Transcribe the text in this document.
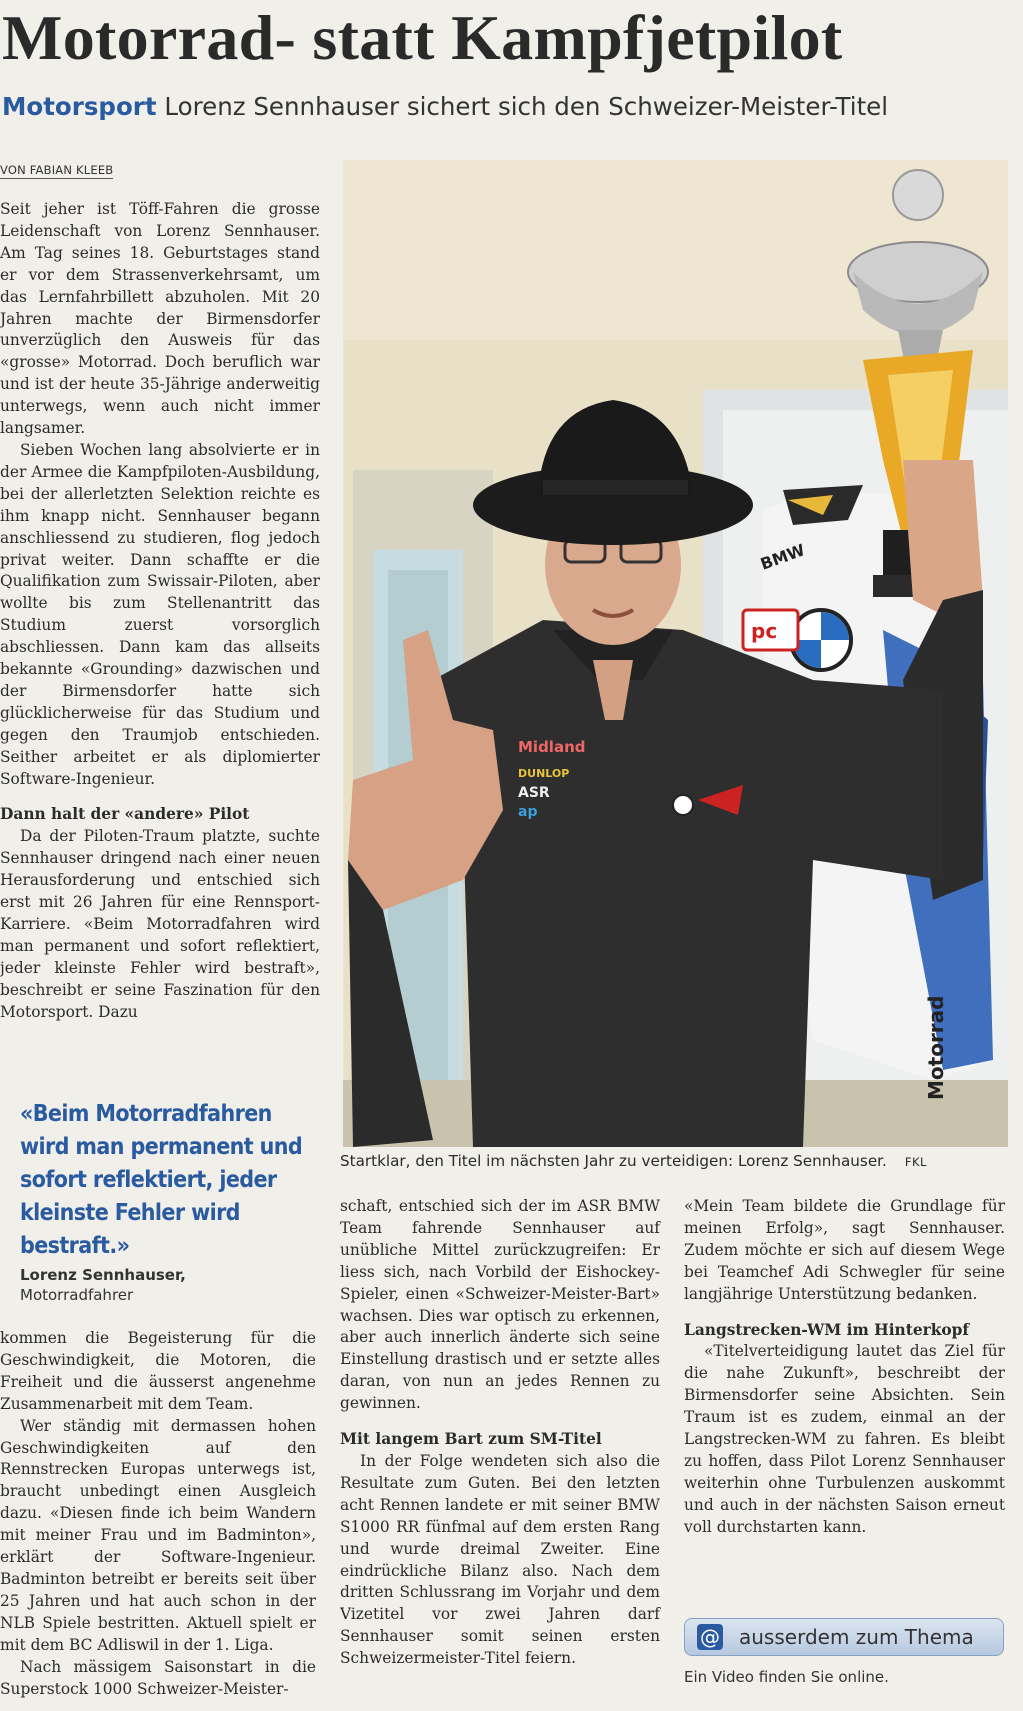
Motorrad- statt Kampfjetpilot
Motorsport Lorenz Sennhauser sichert sich den Schweizer-Meister-Titel
VON FABIAN KLEEB

Seit jeher ist Töff-Fahren die grosse Leidenschaft von Lorenz Sennhauser. Am Tag seines 18. Geburtstages stand er vor dem Strassenverkehrsamt, um das Lernfahrbillett abzuholen. Mit 20 Jahren machte der Birmensdorfer unverzüglich den Ausweis für das «grosse» Motorrad. Doch beruflich war und ist der heute 35-Jährige anderweitig unterwegs, wenn auch nicht immer langsamer.

Sieben Wochen lang absolvierte er in der Armee die Kampfpiloten-Ausbildung, bei der allerletzten Selektion reichte es ihm knapp nicht. Sennhauser begann anschliessend zu studieren, flog jedoch privat weiter. Dann schaffte er die Qualifikation zum Swissair-Piloten, aber wollte bis zum Stellenantritt das Studium zuerst vorsorglich abschliessen. Dann kam das allseits bekannte «Grounding» dazwischen und der Birmensdorfer hatte sich glücklicherweise für das Studium und gegen den Traumjob entschieden. Seither arbeitet er als diplomierter Software-Ingenieur.

Dann halt der «andere» Pilot

Da der Piloten-Traum platzte, suchte Sennhauser dringend nach einer neuen Herausforderung und entschied sich erst mit 26 Jahren für eine Rennsport-Karriere. «Beim Motorradfahren wird man permanent und sofort reflektiert, jeder kleinste Fehler wird bestraft», beschreibt er seine Faszination für den Motorsport. Dazu

pc
BMW
Motorrad
Midland
DUNLOP
ASR
ap
Startklar, den Titel im nächsten Jahr zu verteidigen: Lorenz Sennhauser. FKL
«Beim Motorradfahren wird man permanent und sofort reflektiert, jeder kleinste Fehler wird bestraft.»
Lorenz Sennhauser,
Motorradfahrer

kommen die Begeisterung für die Geschwindigkeit, die Motoren, die Freiheit und die äusserst angenehme Zusammenarbeit mit dem Team.

Wer ständig mit dermassen hohen Geschwindigkeiten auf den Rennstrecken Europas unterwegs ist, braucht unbedingt einen Ausgleich dazu. «Diesen finde ich beim Wandern mit meiner Frau und im Badminton», erklärt der Software-Ingenieur. Badminton betreibt er bereits seit über 25 Jahren und hat auch schon in der NLB Spiele bestritten. Aktuell spielt er mit dem BC Adliswil in der 1. Liga.

Nach mässigem Saisonstart in die Superstock 1000 Schweizer-Meister-

schaft, entschied sich der im ASR BMW Team fahrende Sennhauser auf unübliche Mittel zurückzugreifen: Er liess sich, nach Vorbild der Eishockey-Spieler, einen «Schweizer-Meister-Bart» wachsen. Dies war optisch zu erkennen, aber auch innerlich änderte sich seine Einstellung drastisch und er setzte alles daran, von nun an jedes Rennen zu gewinnen.

Mit langem Bart zum SM-Titel

In der Folge wendeten sich also die Resultate zum Guten. Bei den letzten acht Rennen landete er mit seiner BMW S1000 RR fünfmal auf dem ersten Rang und wurde dreimal Zweiter. Eine eindrückliche Bilanz also. Nach dem dritten Schlussrang im Vorjahr und dem Vizetitel vor zwei Jahren darf Sennhauser somit seinen ersten Schweizermeister-Titel feiern.

«Mein Team bildete die Grundlage für meinen Erfolg», sagt Sennhauser. Zudem möchte er sich auf diesem Wege bei Teamchef Adi Schwegler für seine langjährige Unterstützung bedanken.

Langstrecken-WM im Hinterkopf

«Titelverteidigung lautet das Ziel für die nahe Zukunft», beschreibt der Birmensdorfer seine Absichten. Sein Traum ist es zudem, einmal an der Langstrecken-WM zu fahren. Es bleibt zu hoffen, dass Pilot Lorenz Sennhauser weiterhin ohne Turbulenzen auskommt und auch in der nächsten Saison erneut voll durchstarten kann.

@ ausserdem zum Thema
Ein Video finden Sie online.
